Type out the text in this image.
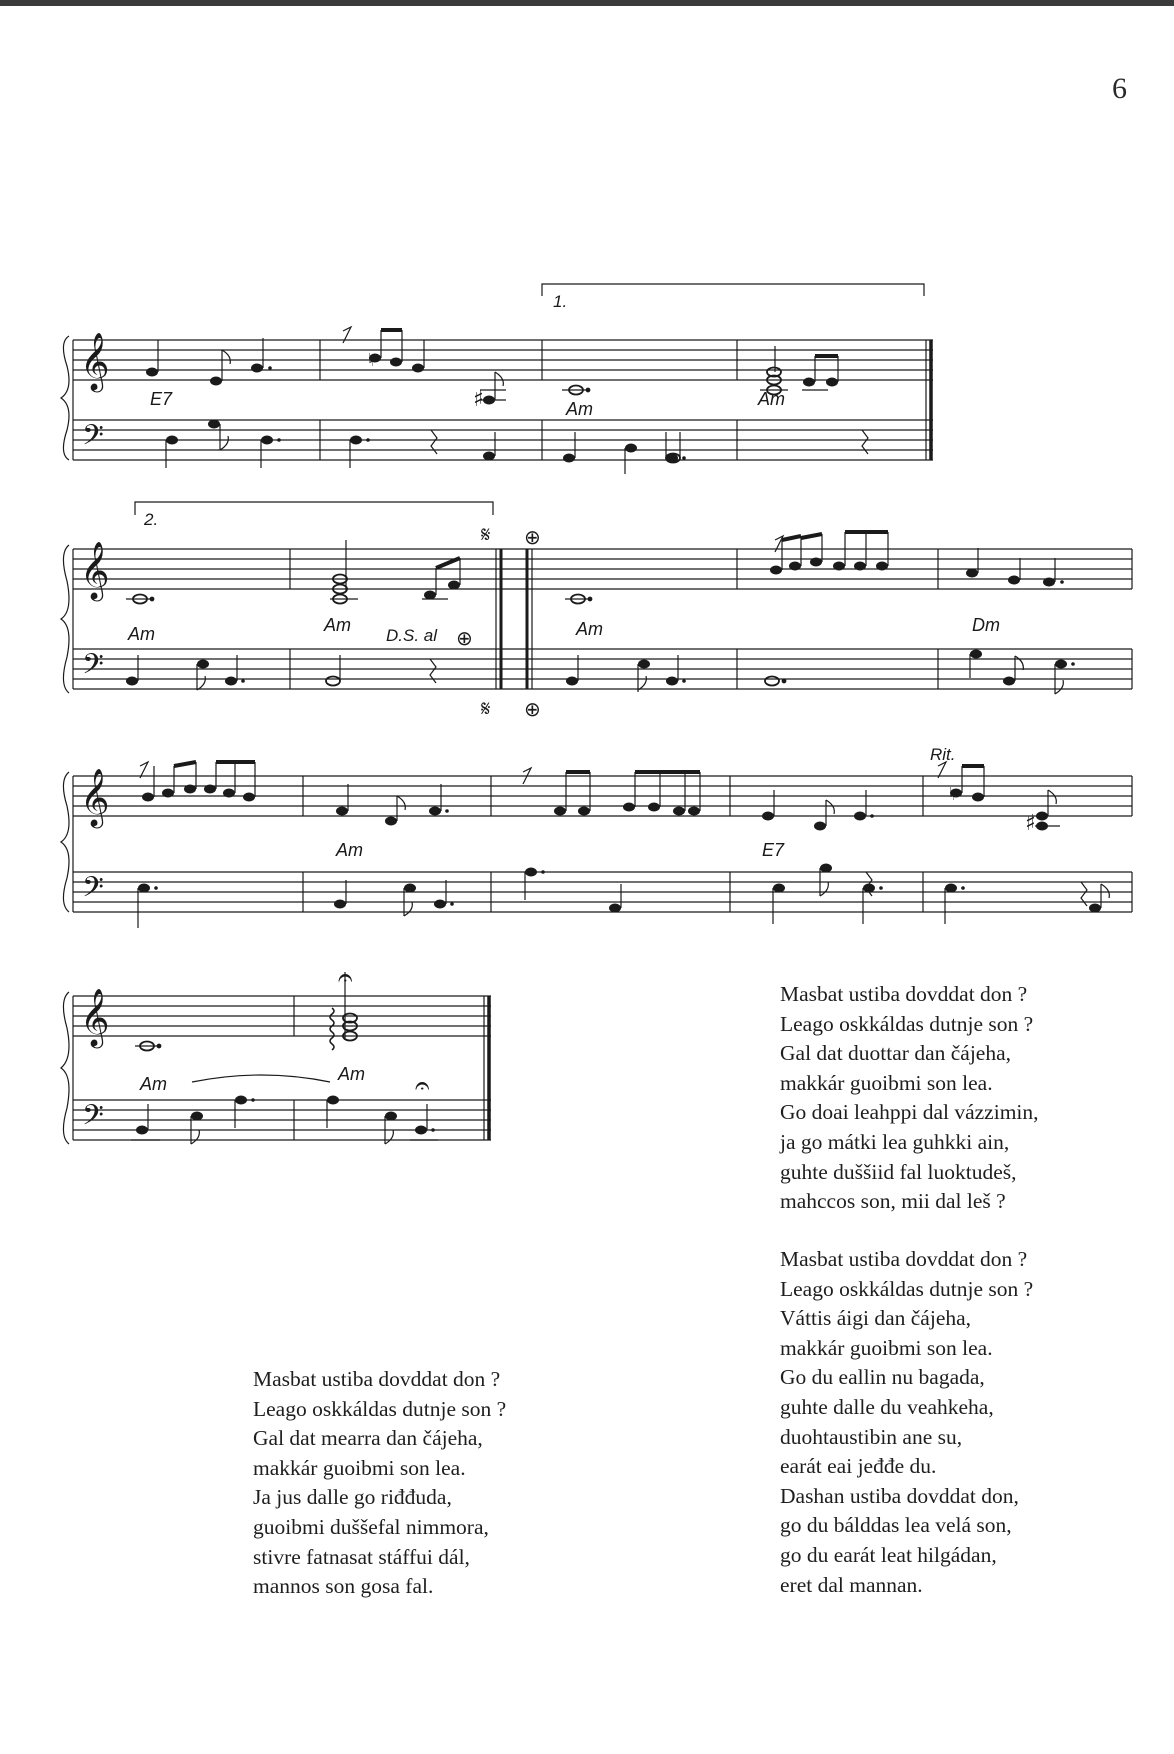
6
𝄞
𝄢
𝄞
𝄢
𝄞
𝄢
𝄞
𝄢
♯
♮
♯
♮
E7	Am	Am
1.
Am	Am	Am	Dm
2.
D.S. al ⊕
𝄋 ⊕
𝄋 ⊕
Am	E7
Rit.
Am	Am
𝄐
𝄐
Masbat ustiba dovddat don ?
Leago oskkáldas dutnje son ?
Gal dat duottar dan čájeha,
makkár guoibmi son lea.
Go doai leahppi dal vázzimin,
ja go mátki lea guhkki ain,
guhte duššiid fal luoktudeš,
mahccos son, mii dal leš ?
Masbat ustiba dovddat don ?
Leago oskkáldas dutnje son ?
Váttis áigi dan čájeha,
makkár guoibmi son lea.
Go du eallin nu bagada,
guhte dalle du veahkeha,
duohtaustibin ane su,
earát eai jeđđe du.
Dashan ustiba dovddat don,
go du bálddas lea velá son,
go du earát leat hilgádan,
eret dal mannan.
Masbat ustiba dovddat don ?
Leago oskkáldas dutnje son ?
Gal dat mearra dan čájeha,
makkár guoibmi son lea.
Ja jus dalle go riđđuda,
guoibmi duššefal nimmora,
stivre fatnasat stáffui dál,
mannos son gosa fal.
